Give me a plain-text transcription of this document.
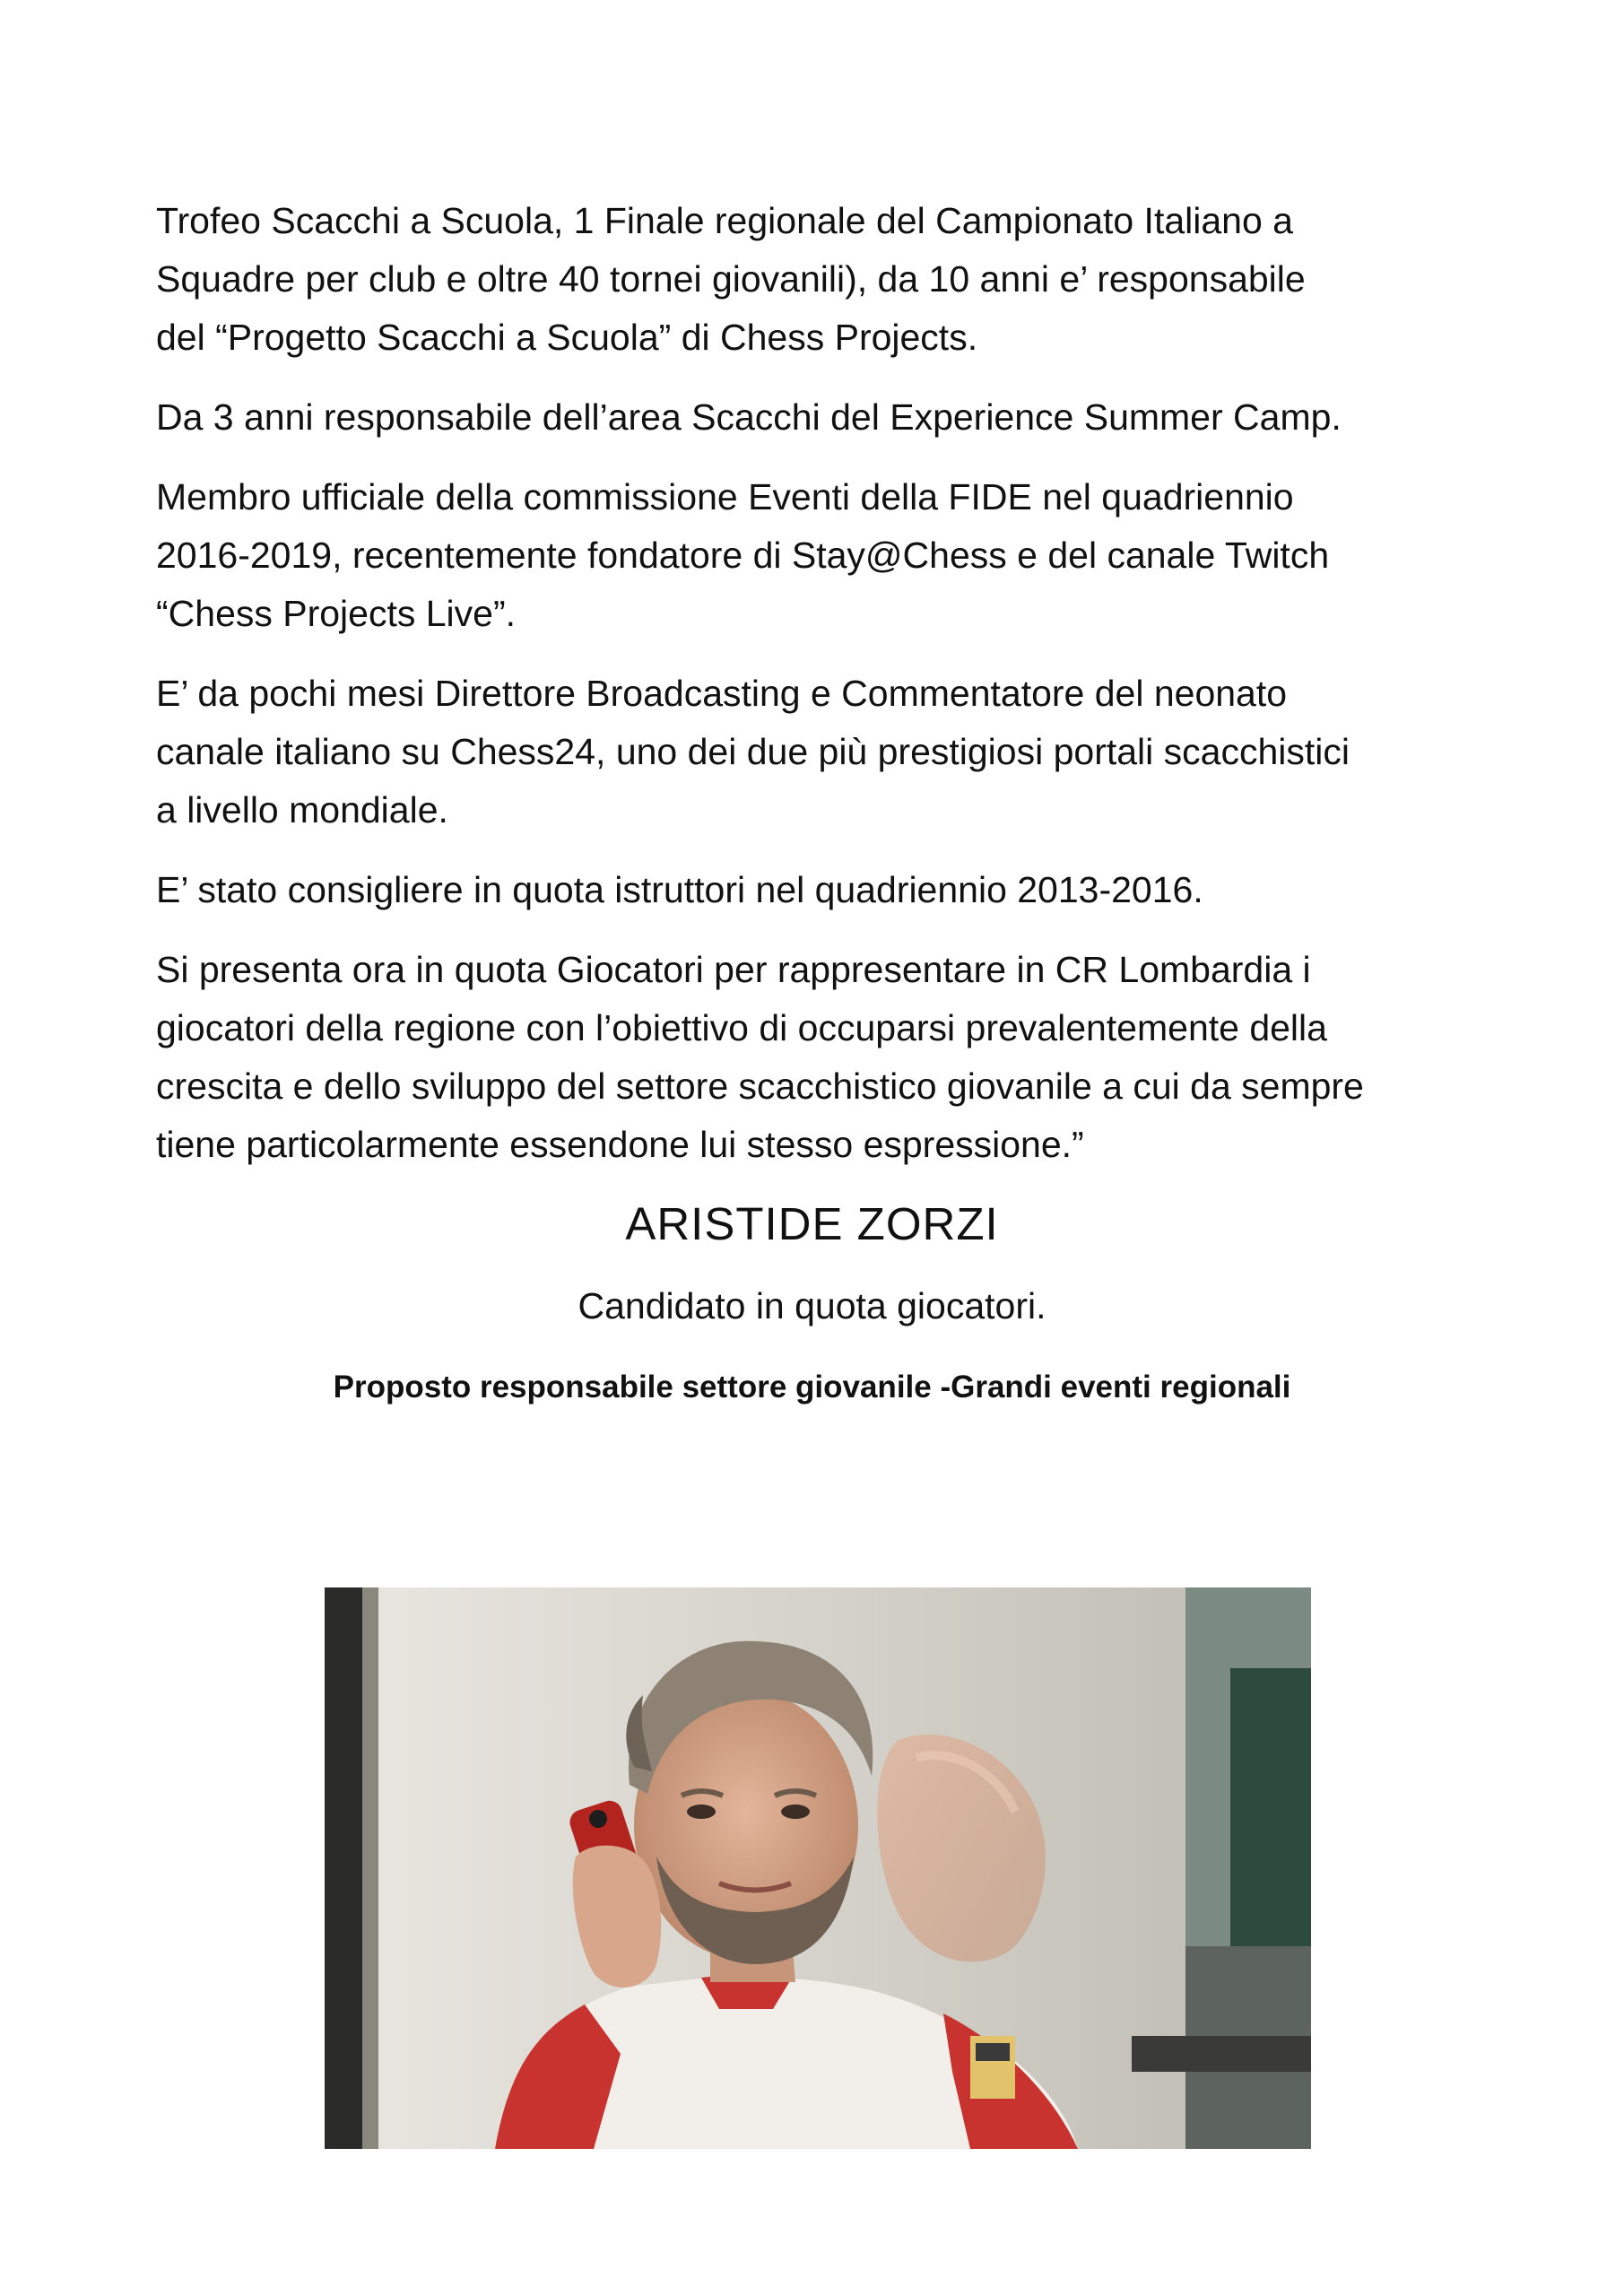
Trofeo Scacchi a Scuola, 1 Finale regionale del Campionato Italiano a
Squadre per club e oltre 40 tornei giovanili), da 10 anni e’ responsabile
del “Progetto Scacchi a Scuola” di Chess Projects.

Da 3 anni responsabile dell’area Scacchi del Experience Summer Camp.

Membro ufficiale della commissione Eventi della FIDE nel quadriennio
2016-2019, recentemente fondatore di Stay@Chess e del canale Twitch
“Chess Projects Live”.

E’ da pochi mesi Direttore Broadcasting e Commentatore del neonato
canale italiano su Chess24, uno dei due più prestigiosi portali scacchistici
a livello mondiale.

E’ stato consigliere in quota istruttori nel quadriennio 2013-2016.

Si presenta ora in quota Giocatori per rappresentare in CR Lombardia i
giocatori della regione con l’obiettivo di occuparsi prevalentemente della
crescita e dello sviluppo del settore scacchistico giovanile a cui da sempre
tiene particolarmente essendone lui stesso espressione.”

ARISTIDE ZORZI
Candidato in quota giocatori.
Proposto responsabile settore giovanile -Grandi eventi regionali
